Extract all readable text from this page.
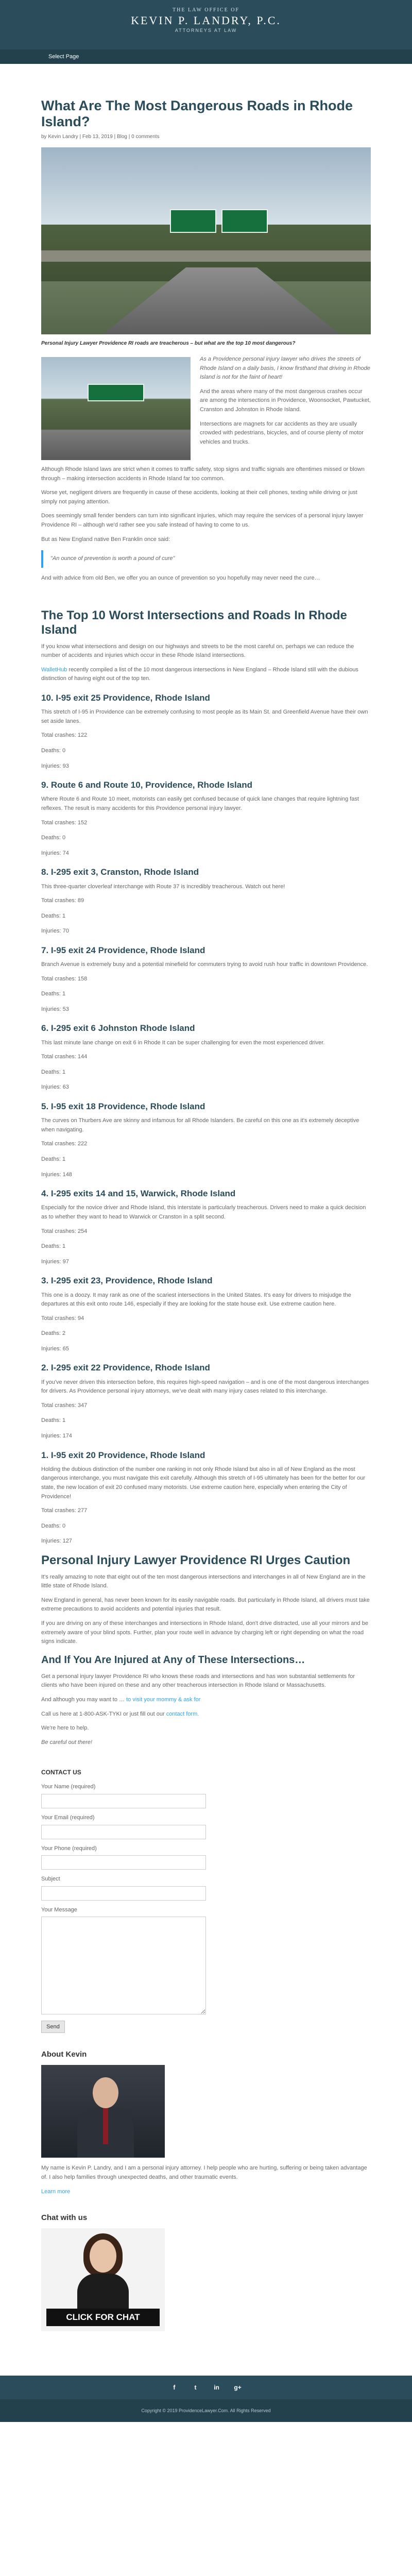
THE LAW OFFICE OF
KEVIN P. LANDRY, P.C.
ATTORNEYS AT LAW
Select Page
What Are The Most Dangerous Roads in Rhode Island?
by Kevin Landry | Feb 13, 2019 | Blog | 0 comments
Personal Injury Lawyer Providence RI roads are treacherous – but what are the top 10 most dangerous?

As a Providence personal injury lawyer who drives the streets of Rhode Island on a daily basis, I know firsthand that driving in Rhode Island is not for the faint of heart!

And the areas where many of the most dangerous crashes occur are among the intersections in Providence, Woonsocket, Pawtucket, Cranston and Johnston in Rhode Island.

Intersections are magnets for car accidents as they are usually crowded with pedestrians, bicycles, and of course plenty of motor vehicles and trucks.

Although Rhode Island laws are strict when it comes to traffic safety, stop signs and traffic signals are oftentimes missed or blown through – making intersection accidents in Rhode Island far too common.

Worse yet, negligent drivers are frequently in cause of these accidents, looking at their cell phones, texting while driving or just simply not paying attention.

Does seemingly small fender benders can turn into significant injuries, which may require the services of a personal injury lawyer Providence RI – although we'd rather see you safe instead of having to come to us.

But as New England native Ben Franklin once said:

"An ounce of prevention is worth a pound of cure"

And with advice from old Ben, we offer you an ounce of prevention so you hopefully may never need the cure…

The Top 10 Worst Intersections and Roads In Rhode Island

If you know what intersections and design on our highways and streets to be the most careful on, perhaps we can reduce the number of accidents and injuries which occur in these Rhode Island intersections.

WalletHub recently compiled a list of the 10 most dangerous intersections in New England – Rhode Island still with the dubious distinction of having eight out of the top ten.

10. I-95 exit 25 Providence, Rhode Island

This stretch of I-95 in Providence can be extremely confusing to most people as its Main St. and Greenfield Avenue have their own set aside lanes.

Total crashes: 122
Deaths: 0
Injuries: 93
9. Route 6 and Route 10, Providence, Rhode Island

Where Route 6 and Route 10 meet, motorists can easily get confused because of quick lane changes that require lightning fast reflexes. The result is many accidents for this Providence personal injury lawyer.

Total crashes: 152
Deaths: 0
Injuries: 74
8. I-295 exit 3, Cranston, Rhode Island

This three-quarter cloverleaf interchange with Route 37 is incredibly treacherous. Watch out here!

Total crashes: 89
Deaths: 1
Injuries: 70
7. I-95 exit 24 Providence, Rhode Island

Branch Avenue is extremely busy and a potential minefield for commuters trying to avoid rush hour traffic in downtown Providence.

Total crashes: 158
Deaths: 1
Injuries: 53
6. I-295 exit 6 Johnston Rhode Island

This last minute lane change on exit 6 in Rhode It can be super challenging for even the most experienced driver.

Total crashes: 144
Deaths: 1
Injuries: 63
5. I-95 exit 18 Providence, Rhode Island

The curves on Thurbers Ave are skinny and infamous for all Rhode Islanders. Be careful on this one as it's extremely deceptive when navigating.

Total crashes: 222
Deaths: 1
Injuries: 148
4. I-295 exits 14 and 15, Warwick, Rhode Island

Especially for the novice driver and Rhode Island, this interstate is particularly treacherous. Drivers need to make a quick decision as to whether they want to head to Warwick or Cranston in a split second.

Total crashes: 254
Deaths: 1
Injuries: 97
3. I-295 exit 23, Providence, Rhode Island

This one is a doozy. It may rank as one of the scariest intersections in the United States. It's easy for drivers to misjudge the departures at this exit onto route 146, especially if they are looking for the state house exit. Use extreme caution here.

Total crashes: 94
Deaths: 2
Injuries: 65
2. I-295 exit 22 Providence, Rhode Island

If you've never driven this intersection before, this requires high-speed navigation – and is one of the most dangerous interchanges for drivers. As Providence personal injury attorneys, we've dealt with many injury cases related to this interchange.

Total crashes: 347
Deaths: 1
Injuries: 174
1. I-95 exit 20 Providence, Rhode Island

Holding the dubious distinction of the number one ranking in not only Rhode Island but also in all of New England as the most dangerous interchange, you must navigate this exit carefully. Although this stretch of I-95 ultimately has been for the better for our state, the new location of exit 20 confused many motorists. Use extreme caution here, especially when entering the City of Providence!

Total crashes: 277
Deaths: 0
Injuries: 127
Personal Injury Lawyer Providence RI Urges Caution

It's really amazing to note that eight out of the ten most dangerous intersections and interchanges in all of New England are in the little state of Rhode Island.

New England in general, has never been known for its easily navigable roads. But particularly in Rhode Island, all drivers must take extreme precautions to avoid accidents and potential injuries that result.

If you are driving on any of these interchanges and intersections in Rhode Island, don't drive distracted, use all your mirrors and be extremely aware of your blind spots. Further, plan your route well in advance by charging left or right depending on what the road signs indicate.

And If You Are Injured at Any of These Intersections…

Get a personal injury lawyer Providence RI who knows these roads and intersections and has won substantial settlements for clients who have been injured on these and any other treacherous intersection in Rhode Island or Massachusetts.

And although you may want to … to visit your mommy & ask for

Call us here at 1-800-ASK-TYKI or just fill out our contact form.

We're here to help.

Be careful out there!

CONTACT US
Your Name (required)
Your Email (required)
Your Phone (required)
Subject
Your Message
Send
About Kevin

My name is Kevin P. Landry, and I am a personal injury attorney. I help people who are hurting, suffering or being taken advantage of. I also help families through unexpected deaths, and other traumatic events.

Learn more

Chat with us
CLICK FOR CHAT
f	t	in g+
Copyright © 2019 ProvidenceLawyer.Com. All Rights Reserved
